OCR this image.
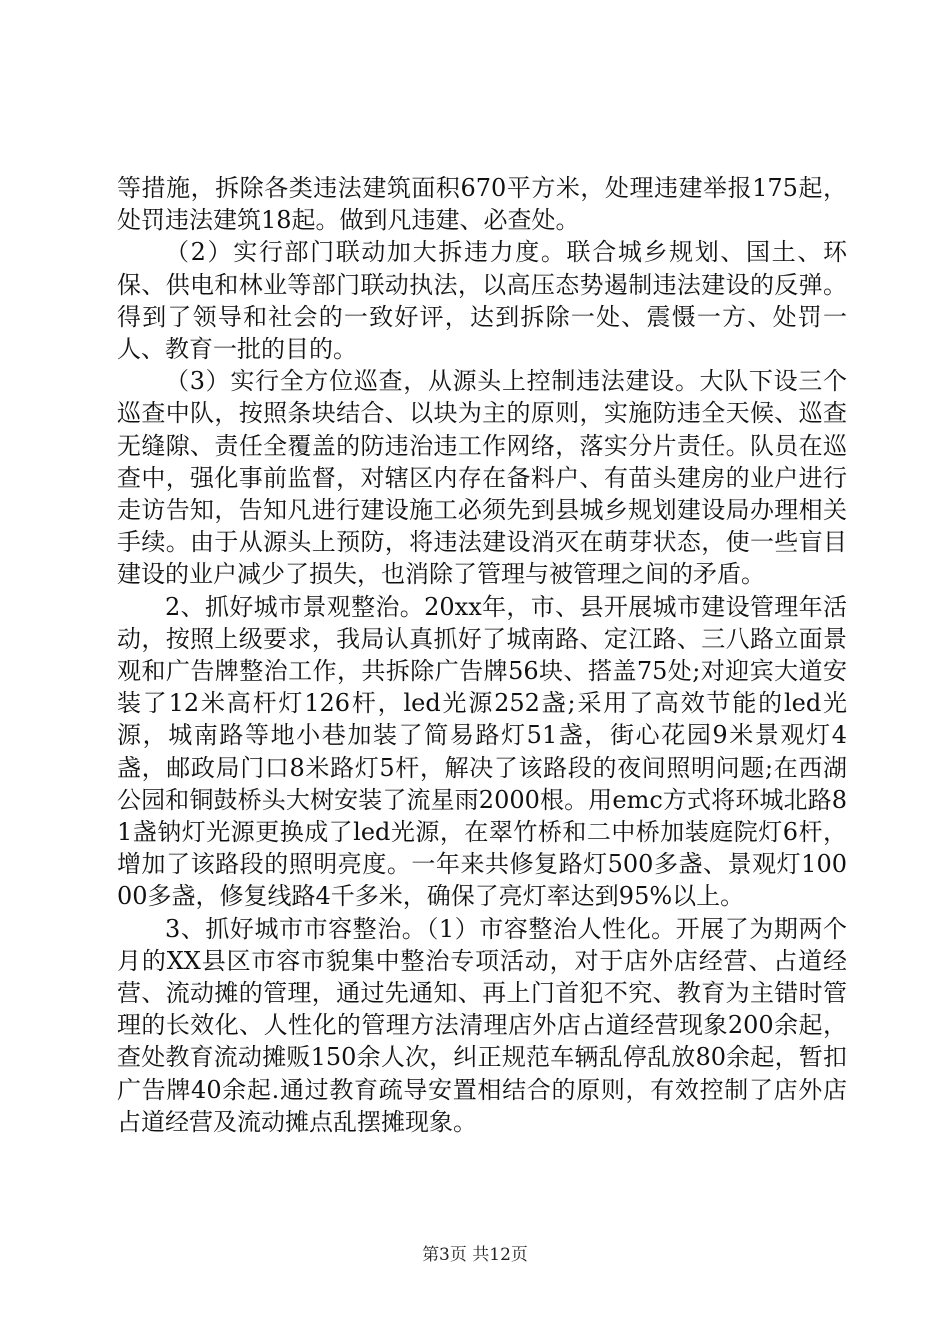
等措施，拆除各类违法建筑面积670平方米，处理违建举报175起，处罚违法建筑18起。做到凡违建、必查处。

（2）实行部门联动加大拆违力度。联合城乡规划、国土、环保、供电和林业等部门联动执法，以高压态势遏制违法建设的反弹。得到了领导和社会的一致好评，达到拆除一处、震慑一方、处罚一人、教育一批的目的。

（3）实行全方位巡查，从源头上控制违法建设。大队下设三个巡查中队，按照条块结合、以块为主的原则，实施防违全天候、巡查无缝隙、责任全覆盖的防违治违工作网络，落实分片责任。队员在巡查中，强化事前监督，对辖区内存在备料户、有苗头建房的业户进行走访告知，告知凡进行建设施工必须先到县城乡规划建设局办理相关手续。由于从源头上预防，将违法建设消灭在萌芽状态，使一些盲目建设的业户减少了损失，也消除了管理与被管理之间的矛盾。

2、抓好城市景观整治。20xx年，市、县开展城市建设管理年活动，按照上级要求，我局认真抓好了城南路、定江路、三八路立面景观和广告牌整治工作，共拆除广告牌56块、搭盖75处;对迎宾大道安装了12米高杆灯126杆，led光源252盏;采用了高效节能的led光源，城南路等地小巷加装了简易路灯51盏，街心花园9米景观灯4盏，邮政局门口8米路灯5杆，解决了该路段的夜间照明问题;在西湖公园和铜鼓桥头大树安装了流星雨2000根。用emc方式将环城北路81盏钠灯光源更换成了led光源，在翠竹桥和二中桥加装庭院灯6杆，增加了该路段的照明亮度。一年来共修复路灯500多盏、景观灯10000多盏，修复线路4千多米，确保了亮灯率达到95%以上。

3、抓好城市市容整治。（1）市容整治人性化。开展了为期两个月的XX县区市容市貌集中整治专项活动，对于店外店经营、占道经营、流动摊的管理，通过先通知、再上门首犯不究、教育为主错时管理的长效化、人性化的管理方法清理店外店占道经营现象200余起，查处教育流动摊贩150余人次，纠正规范车辆乱停乱放80余起，暂扣广告牌40余起.通过教育疏导安置相结合的原则，有效控制了店外店占道经营及流动摊点乱摆摊现象。

第3页 共12页
